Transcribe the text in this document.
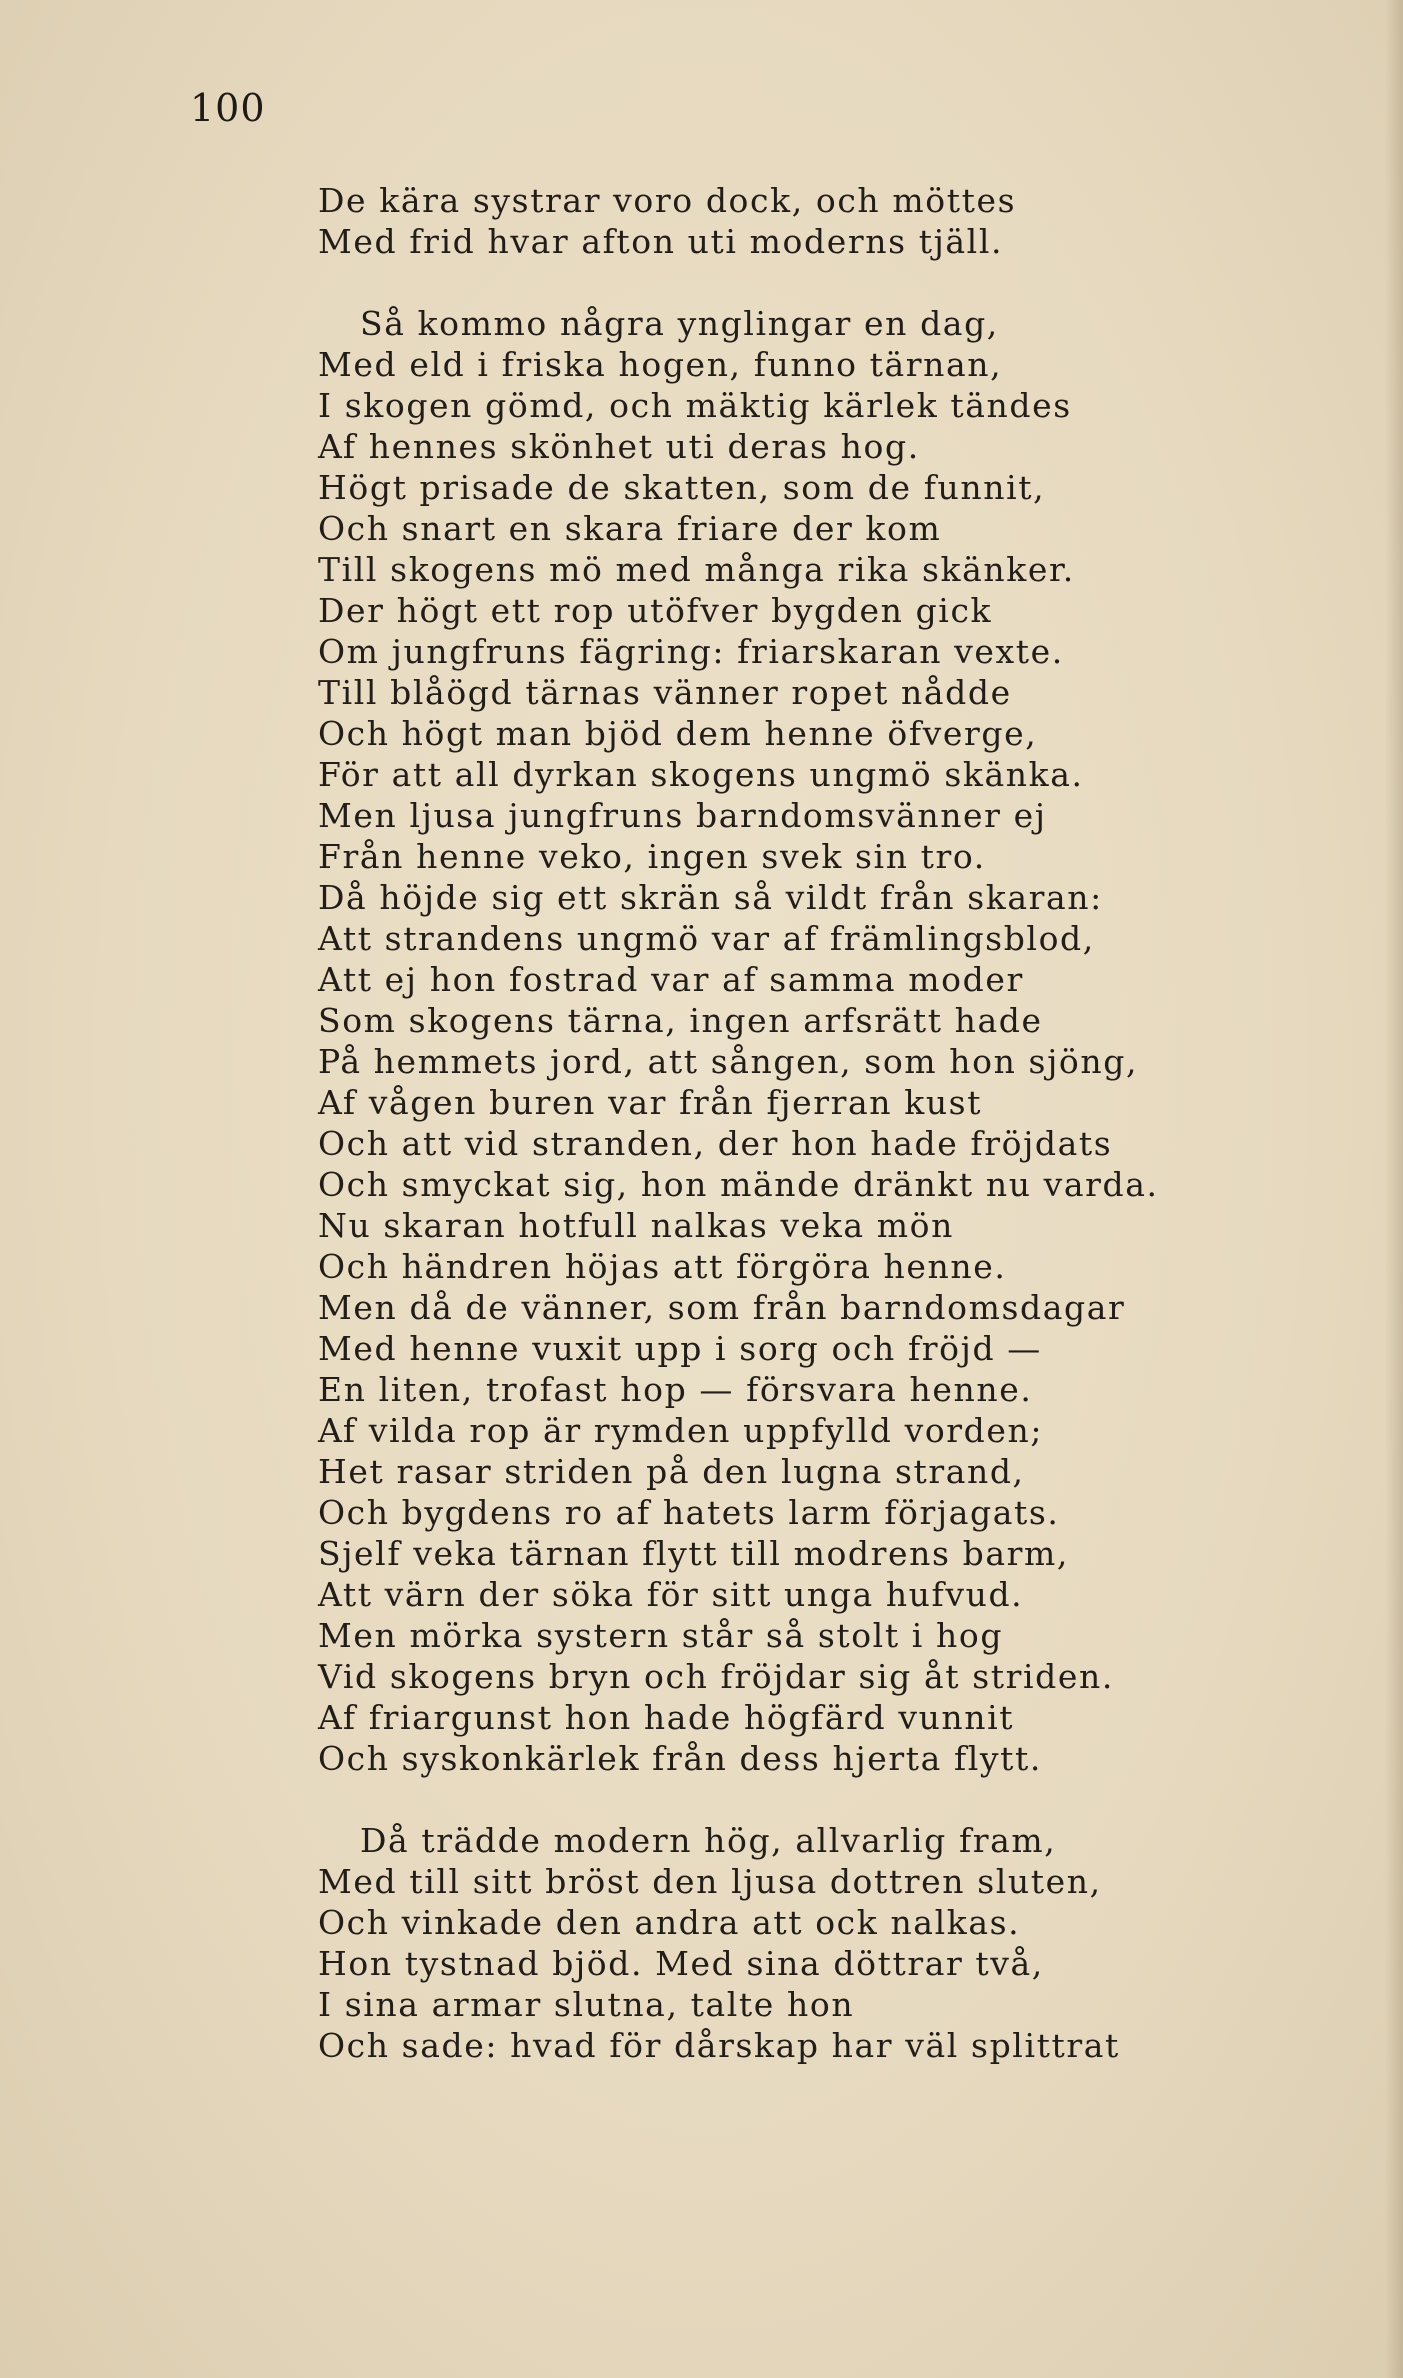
100
De kära systrar voro dock, och möttes
Med frid hvar afton uti moderns tjäll.
Så kommo några ynglingar en dag,
Med eld i friska hogen, funno tärnan,
I skogen gömd, och mäktig kärlek tändes
Af hennes skönhet uti deras hog.
Högt prisade de skatten, som de funnit,
Och snart en skara friare der kom
Till skogens mö med många rika skänker.
Der högt ett rop utöfver bygden gick
Om jungfruns fägring: friarskaran vexte.
Till blåögd tärnas vänner ropet nådde
Och högt man bjöd dem henne öfverge,
För att all dyrkan skogens ungmö skänka.
Men ljusa jungfruns barndomsvänner ej
Från henne veko, ingen svek sin tro.
Då höjde sig ett skrän så vildt från skaran:
Att strandens ungmö var af främlingsblod,
Att ej hon fostrad var af samma moder
Som skogens tärna, ingen arfsrätt hade
På hemmets jord, att sången, som hon sjöng,
Af vågen buren var från fjerran kust
Och att vid stranden, der hon hade fröjdats
Och smyckat sig, hon mände dränkt nu varda.
Nu skaran hotfull nalkas veka mön
Och händren höjas att förgöra henne.
Men då de vänner, som från barndomsdagar
Med henne vuxit upp i sorg och fröjd —
En liten, trofast hop — försvara henne.
Af vilda rop är rymden uppfylld vorden;
Het rasar striden på den lugna strand,
Och bygdens ro af hatets larm förjagats.
Sjelf veka tärnan flytt till modrens barm,
Att värn der söka för sitt unga hufvud.
Men mörka systern står så stolt i hog
Vid skogens bryn och fröjdar sig åt striden.
Af friargunst hon hade högfärd vunnit
Och syskonkärlek från dess hjerta flytt.
Då trädde modern hög, allvarlig fram,
Med till sitt bröst den ljusa dottren sluten,
Och vinkade den andra att ock nalkas.
Hon tystnad bjöd. Med sina döttrar två,
I sina armar slutna, talte hon
Och sade: hvad för dårskap har väl splittrat
